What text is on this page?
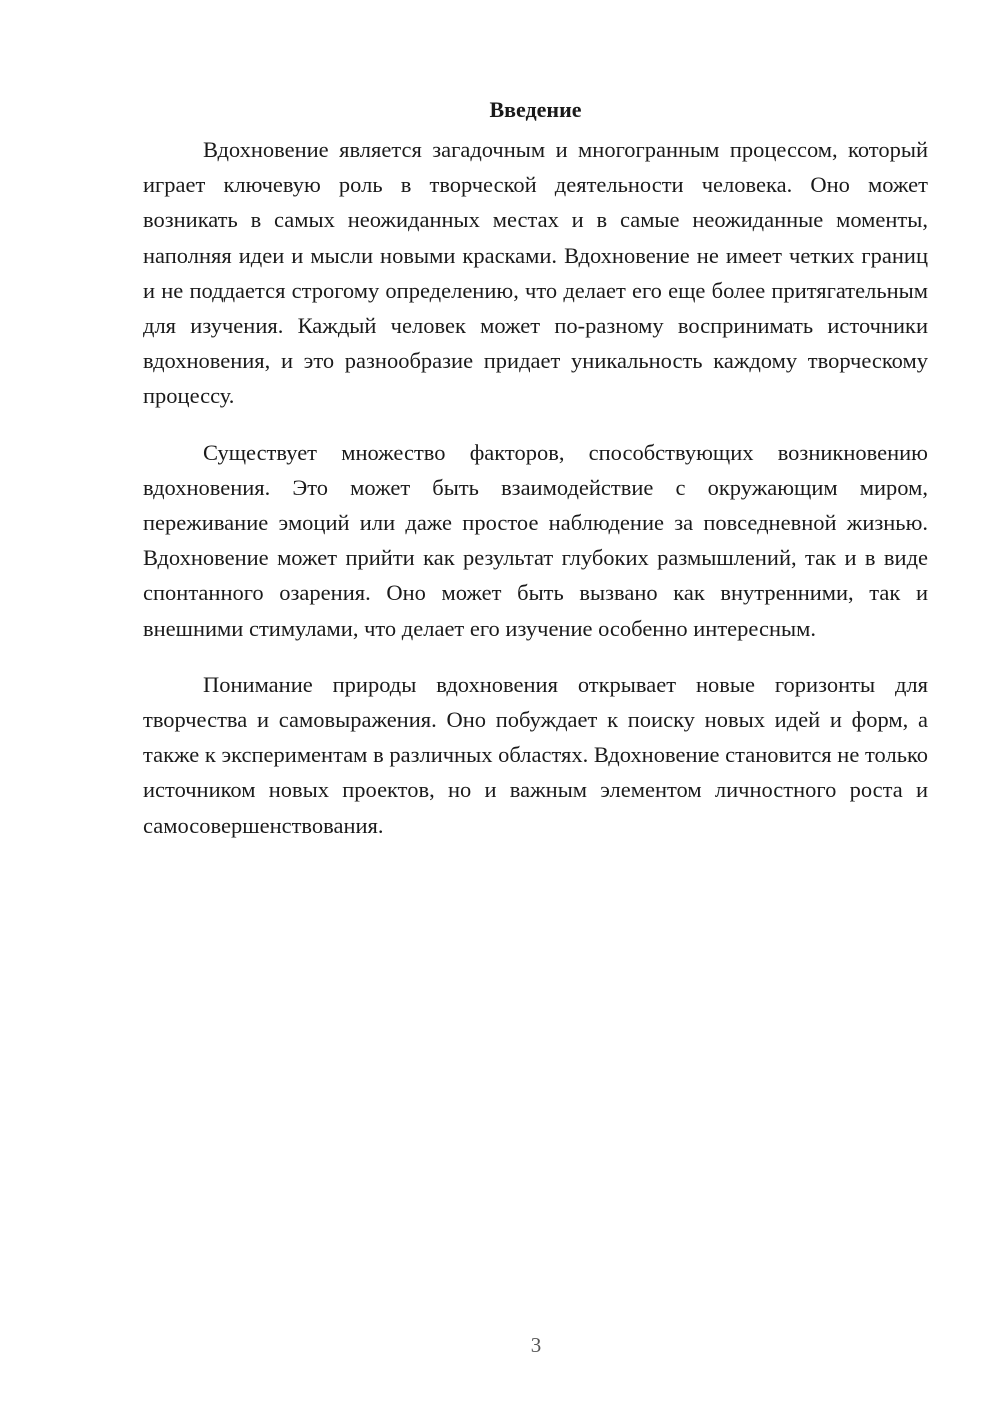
Введение

Вдохновение является загадочным и многогранным процессом, который играет ключевую роль в творческой деятельности человека. Оно может возникать в самых неожиданных местах и в самые неожиданные моменты, наполняя идеи и мысли новыми красками. Вдохновение не имеет четких границ и не поддается строгому определению, что делает его еще более притягательным для изучения. Каждый человек может по-разному воспринимать источники вдохновения, и это разнообразие придает уникальность каждому творческому процессу.

Существует множество факторов, способствующих возникновению вдохновения. Это может быть взаимодействие с окружающим миром, переживание эмоций или даже простое наблюдение за повседневной жизнью. Вдохновение может прийти как результат глубоких размышлений, так и в виде спонтанного озарения. Оно может быть вызвано как внутренними, так и внешними стимулами, что делает его изучение особенно интересным.

Понимание природы вдохновения открывает новые горизонты для творчества и самовыражения. Оно побуждает к поиску новых идей и форм, а также к экспериментам в различных областях. Вдохновение становится не только источником новых проектов, но и важным элементом личностного роста и самосовершенствования.

3
